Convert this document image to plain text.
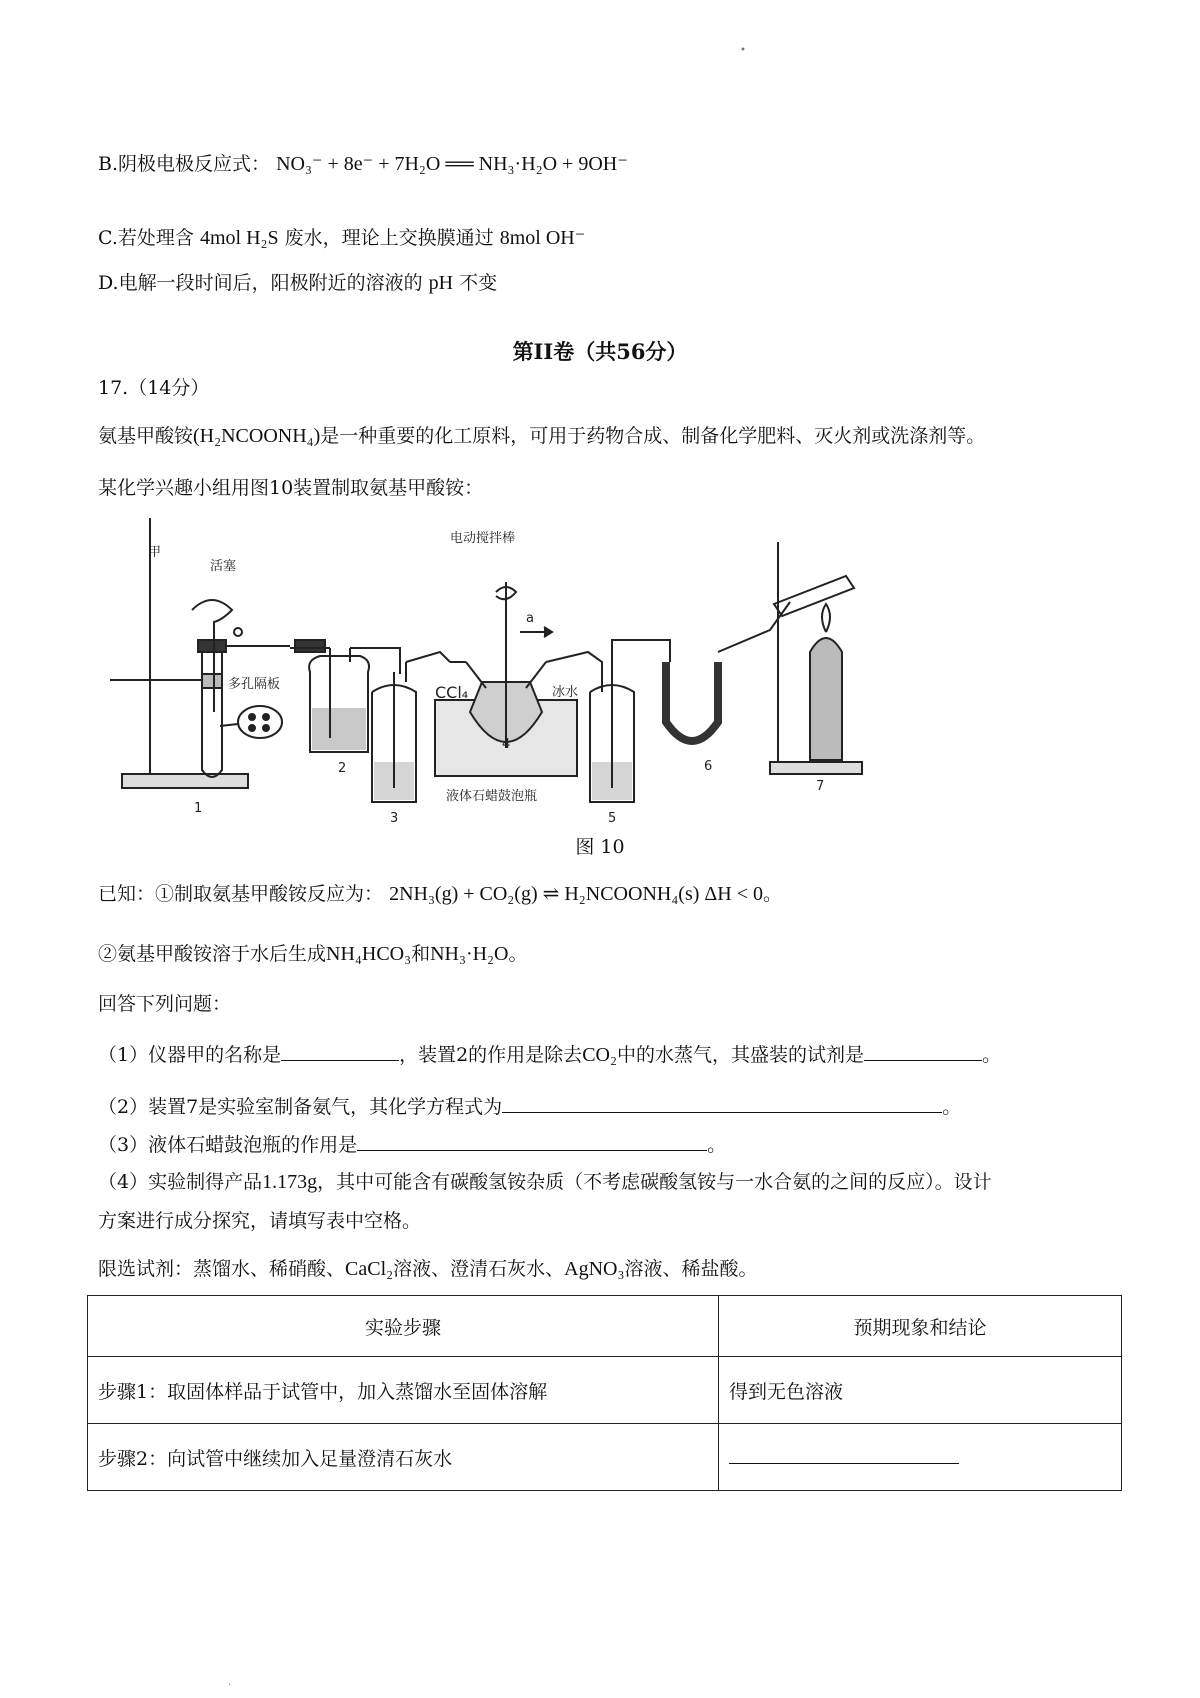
•
B.阴极电极反应式： NO₃⁻ + 8e⁻ + 7H₂O ══ NH₃·H₂O + 9OH⁻
C.若处理含 4mol H₂S 废水，理论上交换膜通过 8mol OH⁻
D.电解一段时间后，阳极附近的溶液的 pH 不变
第II卷（共56分）
17.（14分）
氨基甲酸铵(H₂NCOONH₄)是一种重要的化工原料，可用于药物合成、制备化学肥料、灭火剂或洗涤剂等。
某化学兴趣小组用图10装置制取氨基甲酸铵：
甲
活塞
多孔隔板
电动搅拌棒
a
CCl₄	冰水
液体石蜡鼓泡瓶
1
2
3
4
5
6
7
图 10
已知：①制取氨基甲酸铵反应为： 2NH₃(g) + CO₂(g) ⇌ H₂NCOONH₄(s) ΔH < 0。
②氨基甲酸铵溶于水后生成NH₄HCO₃和NH₃·H₂O。
回答下列问题：
（1）仪器甲的名称是	，装置2的作用是除去CO₂中的水蒸气，其盛装的试剂是	。
（2）装置7是实验室制备氨气，其化学方程式为	。
（3）液体石蜡鼓泡瓶的作用是	。
（4）实验制得产品1.173g，其中可能含有碳酸氢铵杂质（不考虑碳酸氢铵与一水合氨的之间的反应）。设计
方案进行成分探究，请填写表中空格。
限选试剂：蒸馏水、稀硝酸、CaCl₂溶液、澄清石灰水、AgNO₃溶液、稀盐酸。
实验步骤	预期现象和结论
步骤1：取固体样品于试管中，加入蒸馏水至固体溶解	得到无色溶液
步骤2：向试管中继续加入足量澄清石灰水	
·
